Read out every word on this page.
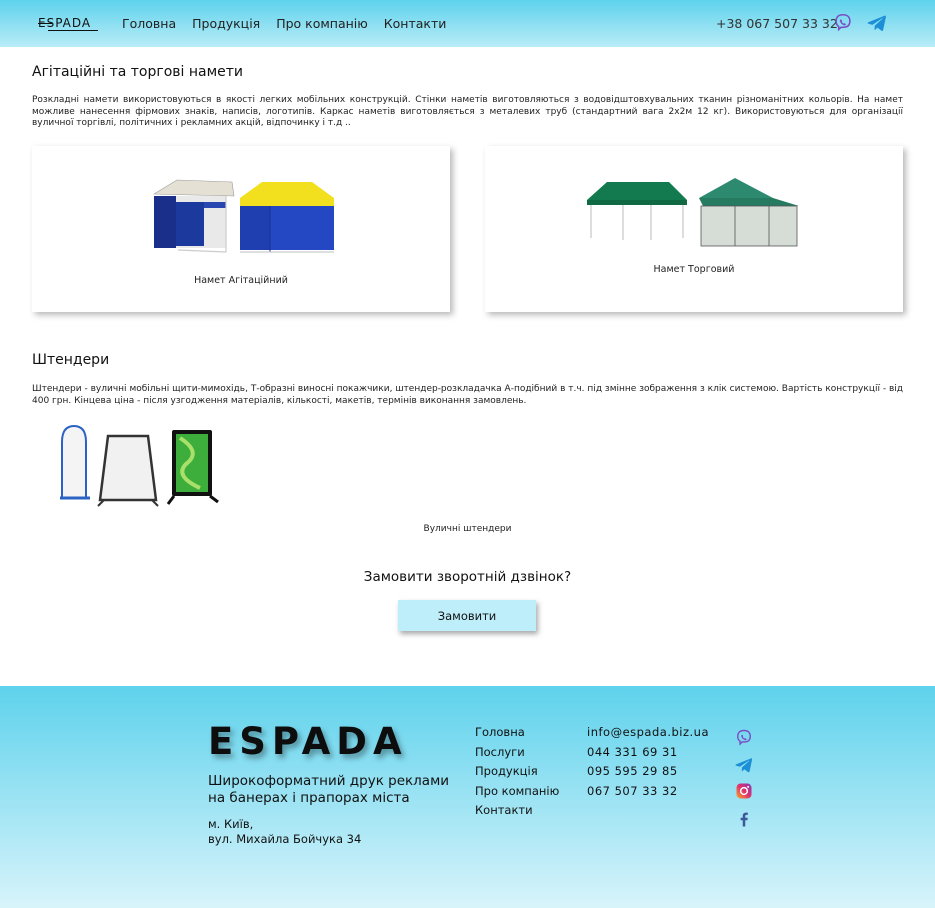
ESPADA Головна Продукція Про компанію Контакти	+38 067 507 33 32
Агітаційні та торгові намети

Розкладні намети використовуються в якості легких мобільних конструкцій. Стінки наметів виготовляються з водовідштовхувальних тканин різноманітних кольорів. На намет можливе нанесення фірмових знаків, написів, логотипів. Каркас наметів виготовляється з металевих труб (стандартний вага 2х2м 12 кг). Використовуються для організації вуличної торгівлі, політичних і рекламних акцій, відпочинку і т.д ..

Намет Агітаційний
Намет Торговий
Штендери

Штендери - вуличні мобільні щити-мимохідь, Т-образні виносні покажчики, штендер-розкладачка А-подібний в т.ч. під змінне зображення з клік системою. Вартість конструкції - від 400 грн. Кінцева ціна - після узгодження матеріалів, кількості, макетів, термінів виконання замовлень.

Вуличні штендери
Замовити зворотній дзвінок?
Замовити
ESPADA
Широкоформатний друк реклами на банерах і прапорах міста
м. Київ,
вул. Михайла Бойчука 34
Головна
Послуги
Продукція
Про компанію
Контакти
info@espada.biz.ua
044 331 69 31
095 595 29 85
067 507 33 32
